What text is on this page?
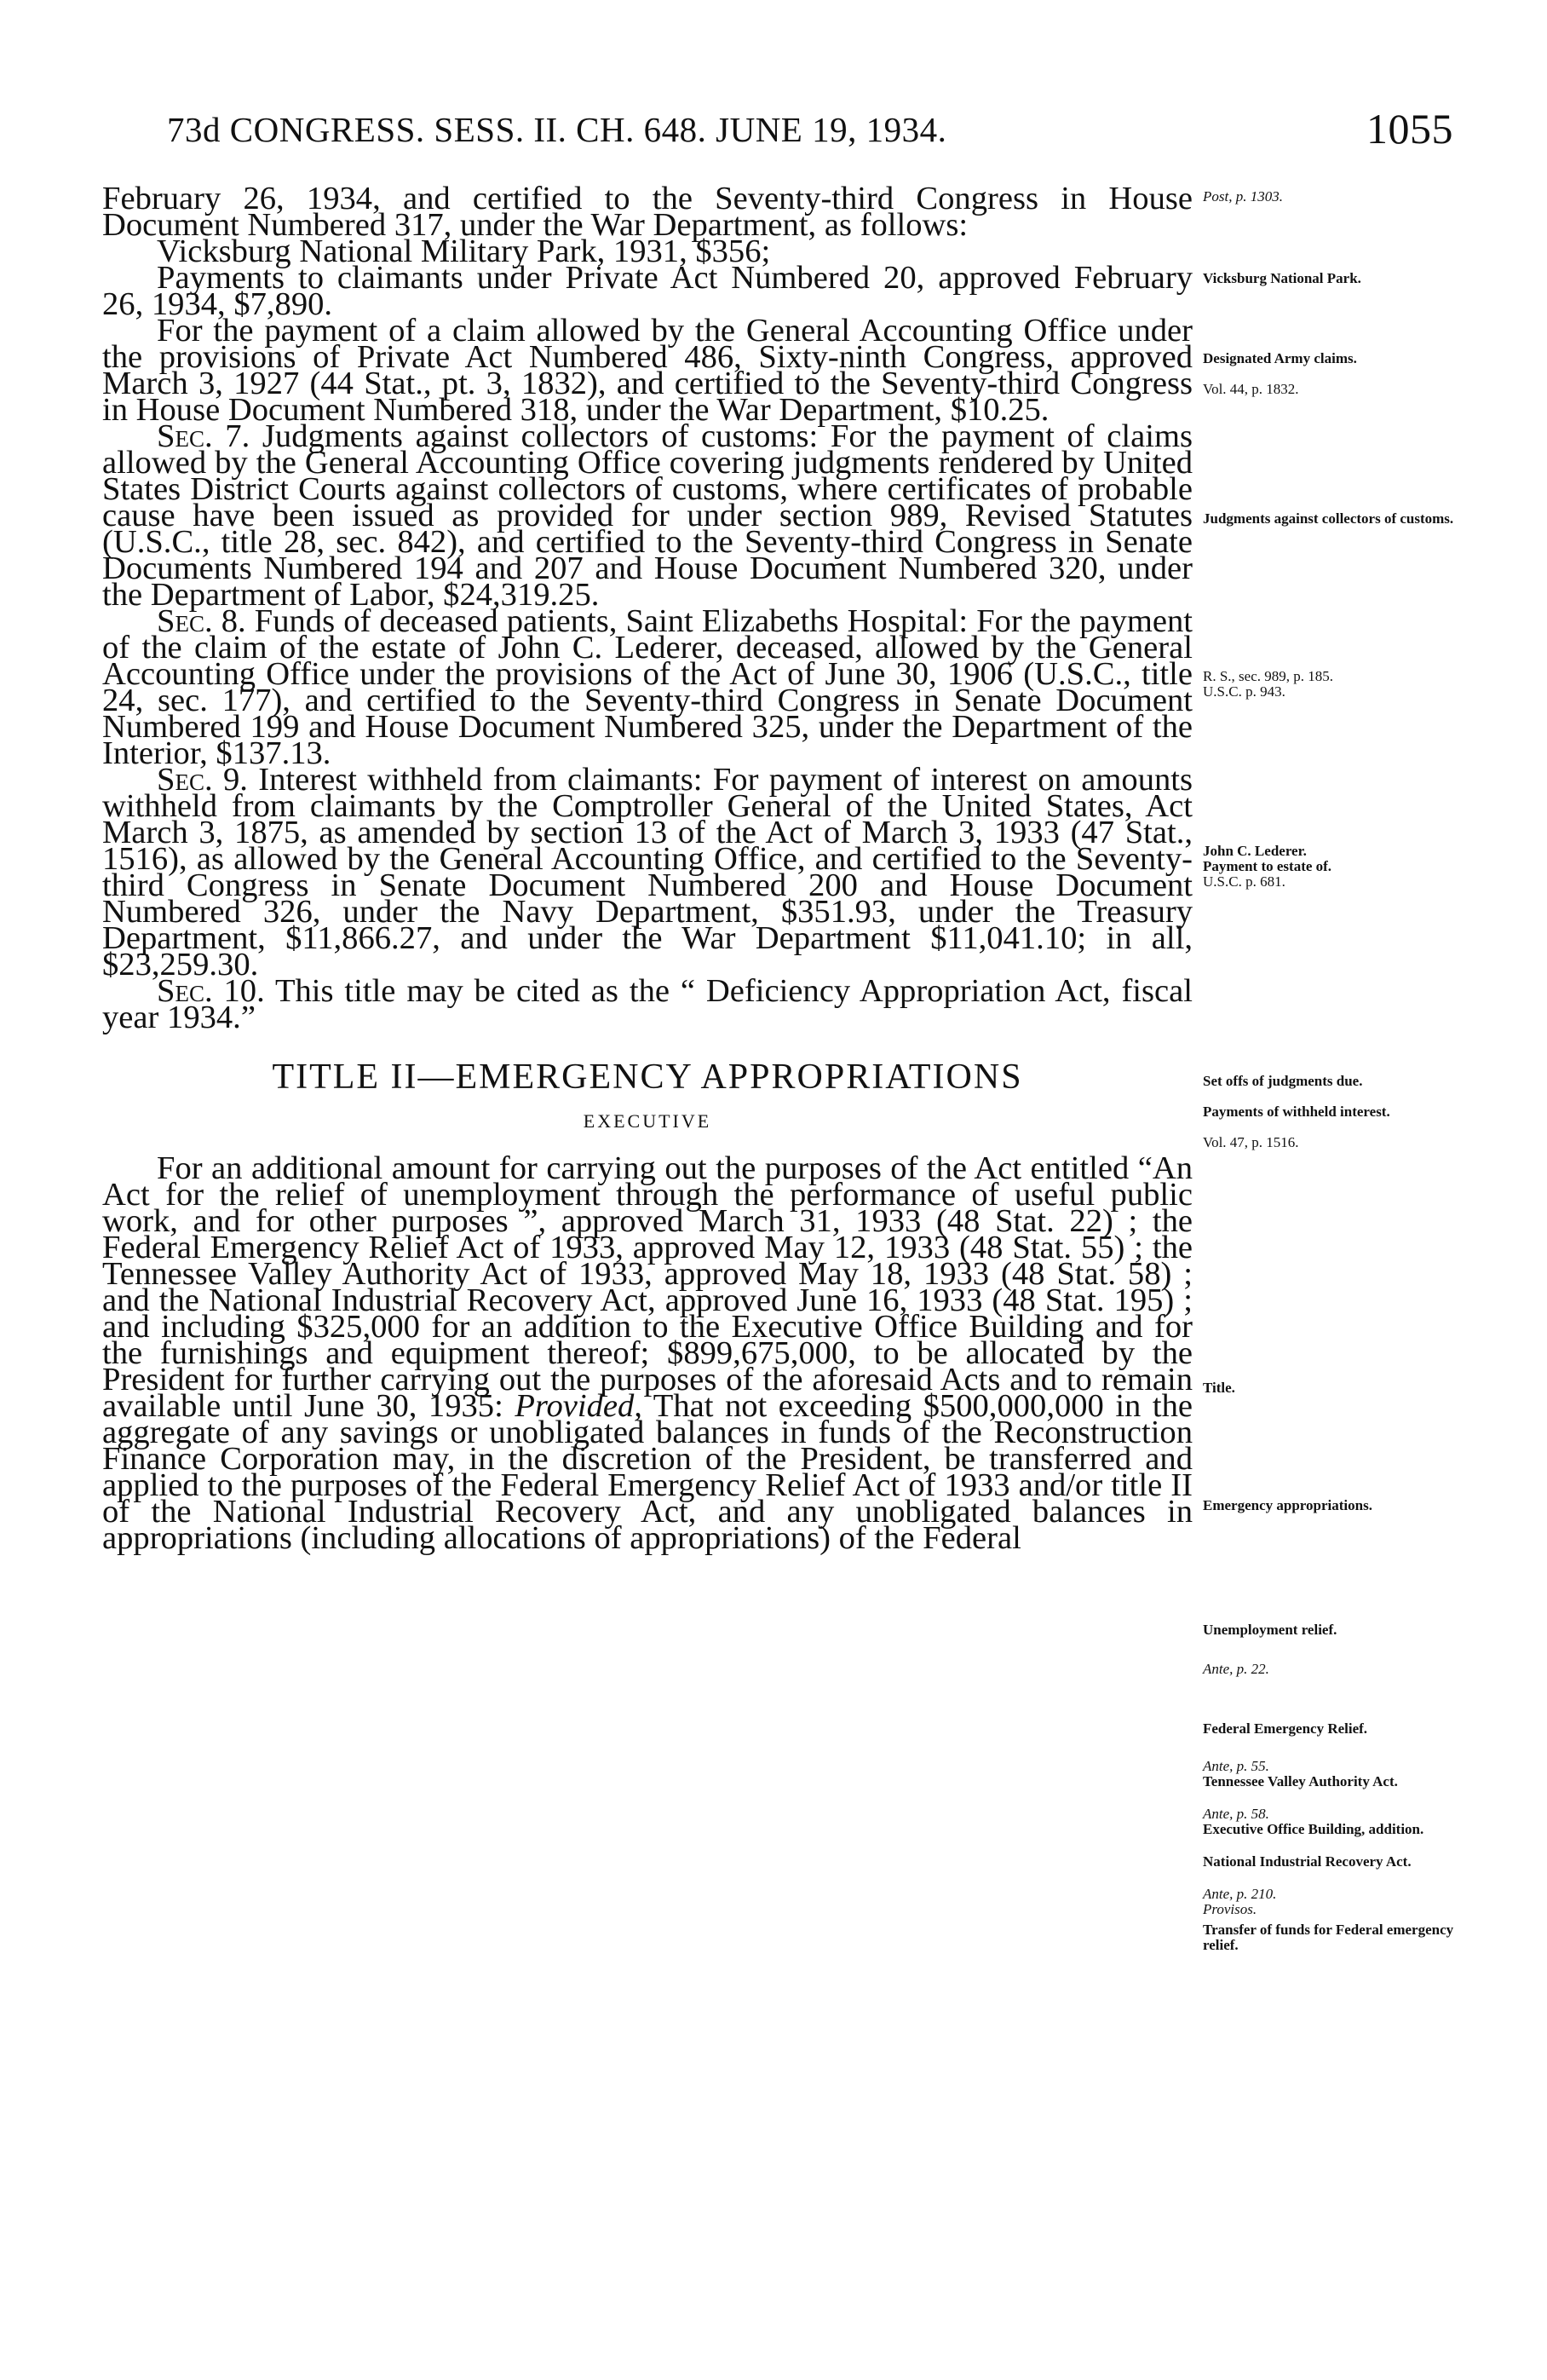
73d CONGRESS. SESS. II. CH. 648. JUNE 19, 1934.	1055

February 26, 1934, and certified to the Seventy-third Congress in House Document Numbered 317, under the War Department, as follows:

Vicksburg National Military Park, 1931, $356;

Payments to claimants under Private Act Numbered 20, approved February 26, 1934, $7,890.

For the payment of a claim allowed by the General Accounting Office under the provisions of Private Act Numbered 486, Sixty-ninth Congress, approved March 3, 1927 (44 Stat., pt. 3, 1832), and certified to the Seventy-third Congress in House Document Numbered 318, under the War Department, $10.25.

Sec. 7. Judgments against collectors of customs: For the payment of claims allowed by the General Accounting Office covering judgments rendered by United States District Courts against collectors of customs, where certificates of probable cause have been issued as provided for under section 989, Revised Statutes (U.S.C., title 28, sec. 842), and certified to the Seventy-third Congress in Senate Documents Numbered 194 and 207 and House Document Numbered 320, under the Department of Labor, $24,319.25.

Sec. 8. Funds of deceased patients, Saint Elizabeths Hospital: For the payment of the claim of the estate of John C. Lederer, deceased, allowed by the General Accounting Office under the provisions of the Act of June 30, 1906 (U.S.C., title 24, sec. 177), and certified to the Seventy-third Congress in Senate Document Numbered 199 and House Document Numbered 325, under the Department of the Interior, $137.13.

Sec. 9. Interest withheld from claimants: For payment of interest on amounts withheld from claimants by the Comptroller General of the United States, Act March 3, 1875, as amended by section 13 of the Act of March 3, 1933 (47 Stat., 1516), as allowed by the General Accounting Office, and certified to the Seventy-third Congress in Senate Document Numbered 200 and House Document Numbered 326, under the Navy Department, $351.93, under the Treasury Department, $11,866.27, and under the War Department $11,041.10; in all, $23,259.30.

Sec. 10. This title may be cited as the “ Deficiency Appropriation Act, fiscal year 1934.”

TITLE II—EMERGENCY APPROPRIATIONS

EXECUTIVE

For an additional amount for carrying out the purposes of the Act entitled “An Act for the relief of unemployment through the performance of useful public work, and for other purposes ”, approved March 31, 1933 (48 Stat. 22) ; the Federal Emergency Relief Act of 1933, approved May 12, 1933 (48 Stat. 55) ; the Tennessee Valley Authority Act of 1933, approved May 18, 1933 (48 Stat. 58) ; and the National Industrial Recovery Act, approved June 16, 1933 (48 Stat. 195) ; and including $325,000 for an addition to the Executive Office Building and for the furnishings and equipment thereof; $899,675,000, to be allocated by the President for further carrying out the purposes of the aforesaid Acts and to remain available until June 30, 1935: Provided, That not exceeding $500,000,000 in the aggregate of any savings or unobligated balances in funds of the Reconstruction Finance Corporation may, in the discretion of the President, be transferred and applied to the purposes of the Federal Emergency Relief Act of 1933 and/or title II of the National Industrial Recovery Act, and any unobligated balances in appropriations (including allocations of appropriations) of the Federal

Post, p. 1303.
Vicksburg National Park.
Designated Army claims.
Vol. 44, p. 1832.
Judgments against collectors of customs.
R. S., sec. 989, p. 185.
U.S.C. p. 943.
John C. Lederer.
Payment to estate of.
U.S.C. p. 681.
Set offs of judgments due.
Payments of withheld interest.
Vol. 47, p. 1516.
Title.
Emergency appropriations.
Unemployment relief.
Ante, p. 22.
Federal Emergency Relief.
Ante, p. 55.
Tennessee Valley Authority Act.
Ante, p. 58.
Executive Office Building, addition.
National Industrial Recovery Act.
Ante, p. 210.
Provisos.
Transfer of funds for Federal emergency relief.
